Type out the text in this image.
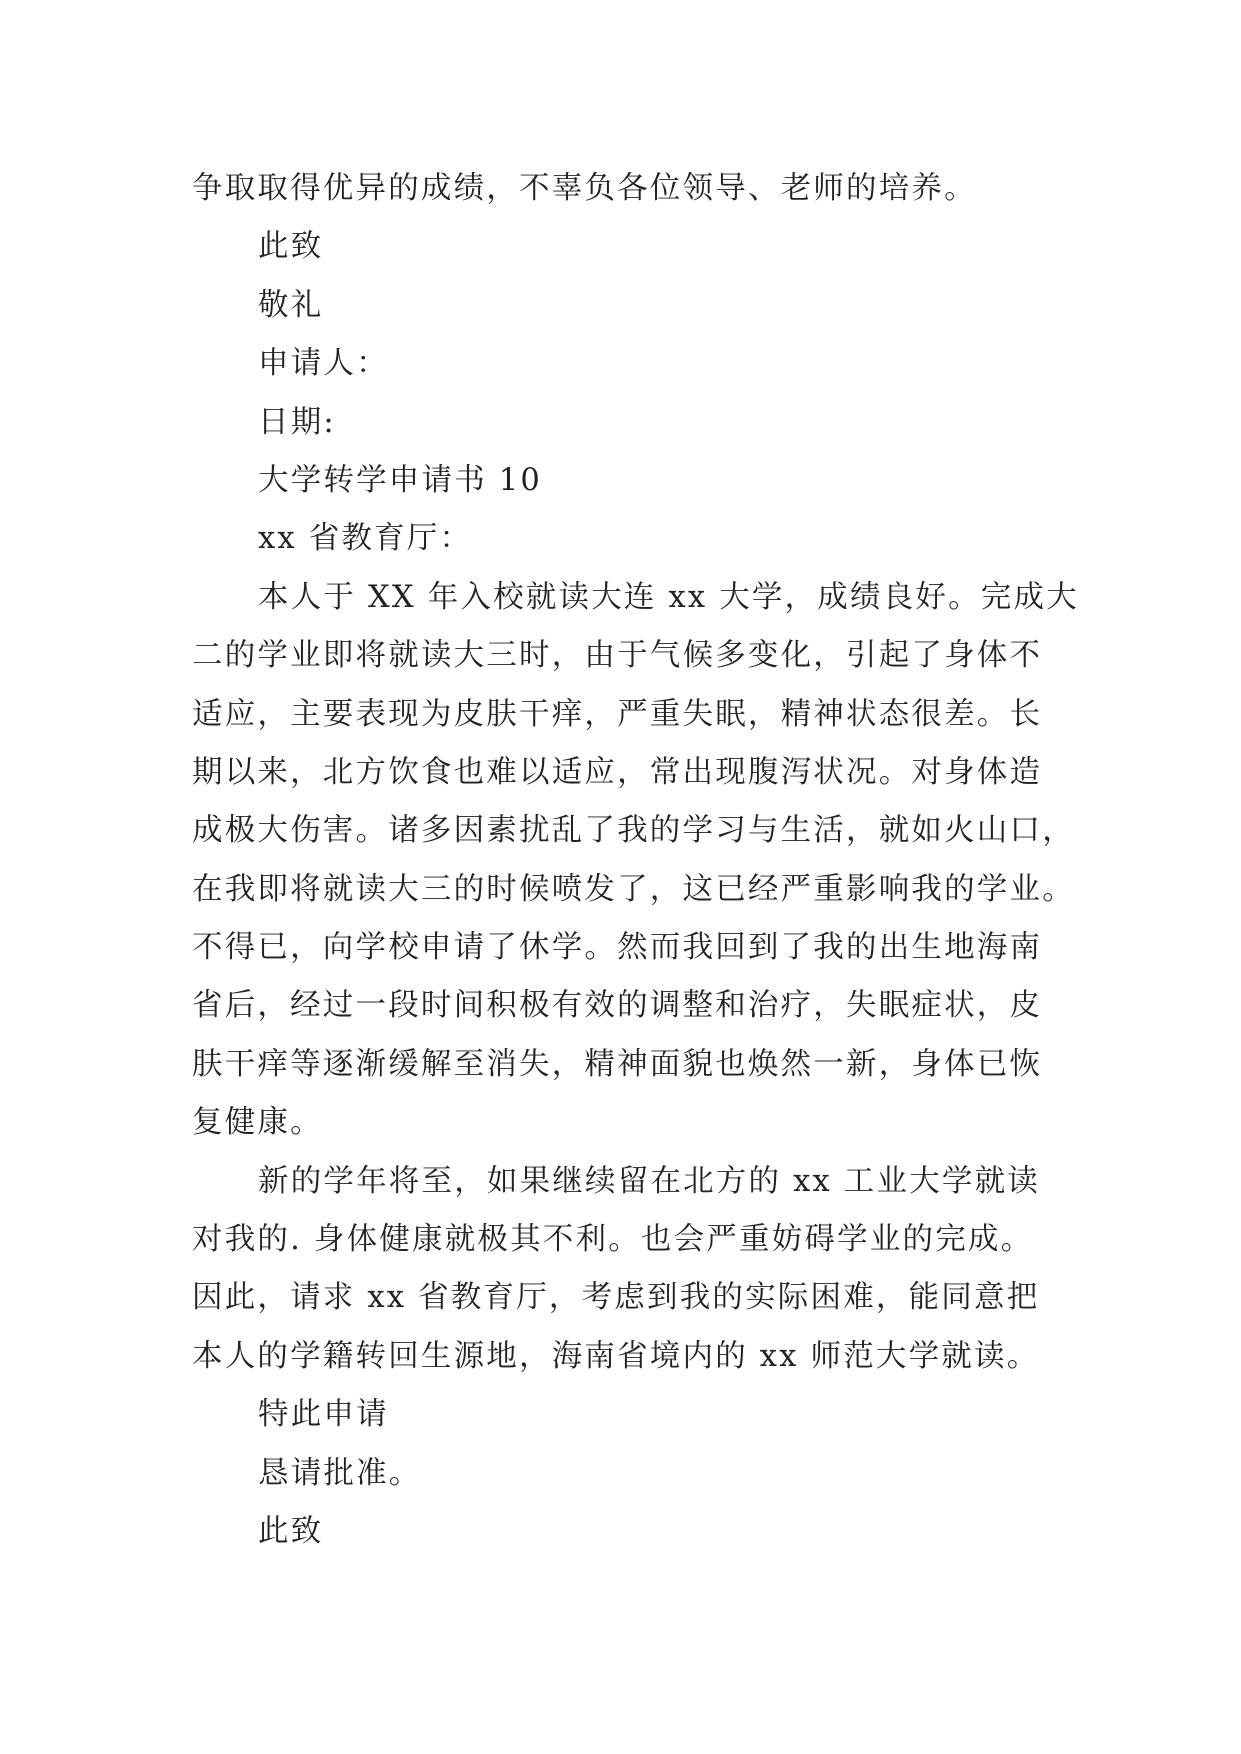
争取取得优异的成绩，不辜负各位领导、老师的培养。
此致
敬礼
申请人：
日期:
大学转学申请书 10
xx 省教育厅：
本人于 XX 年入校就读大连 xx 大学，成绩良好。完成大
二的学业即将就读大三时，由于气候多变化，引起了身体不
适应，主要表现为皮肤干痒，严重失眠，精神状态很差。长
期以来，北方饮食也难以适应，常出现腹泻状况。对身体造
成极大伤害。诸多因素扰乱了我的学习与生活，就如火山口，
在我即将就读大三的时候喷发了，这已经严重影响我的学业。
不得已，向学校申请了休学。然而我回到了我的出生地海南
省后，经过一段时间积极有效的调整和治疗，失眠症状，皮
肤干痒等逐渐缓解至消失，精神面貌也焕然一新，身体已恢
复健康。
新的学年将至，如果继续留在北方的 xx 工业大学就读
对我的. 身体健康就极其不利。也会严重妨碍学业的完成。
因此，请求 xx 省教育厅，考虑到我的实际困难，能同意把
本人的学籍转回生源地，海南省境内的 xx 师范大学就读。
特此申请
恳请批准。
此致
